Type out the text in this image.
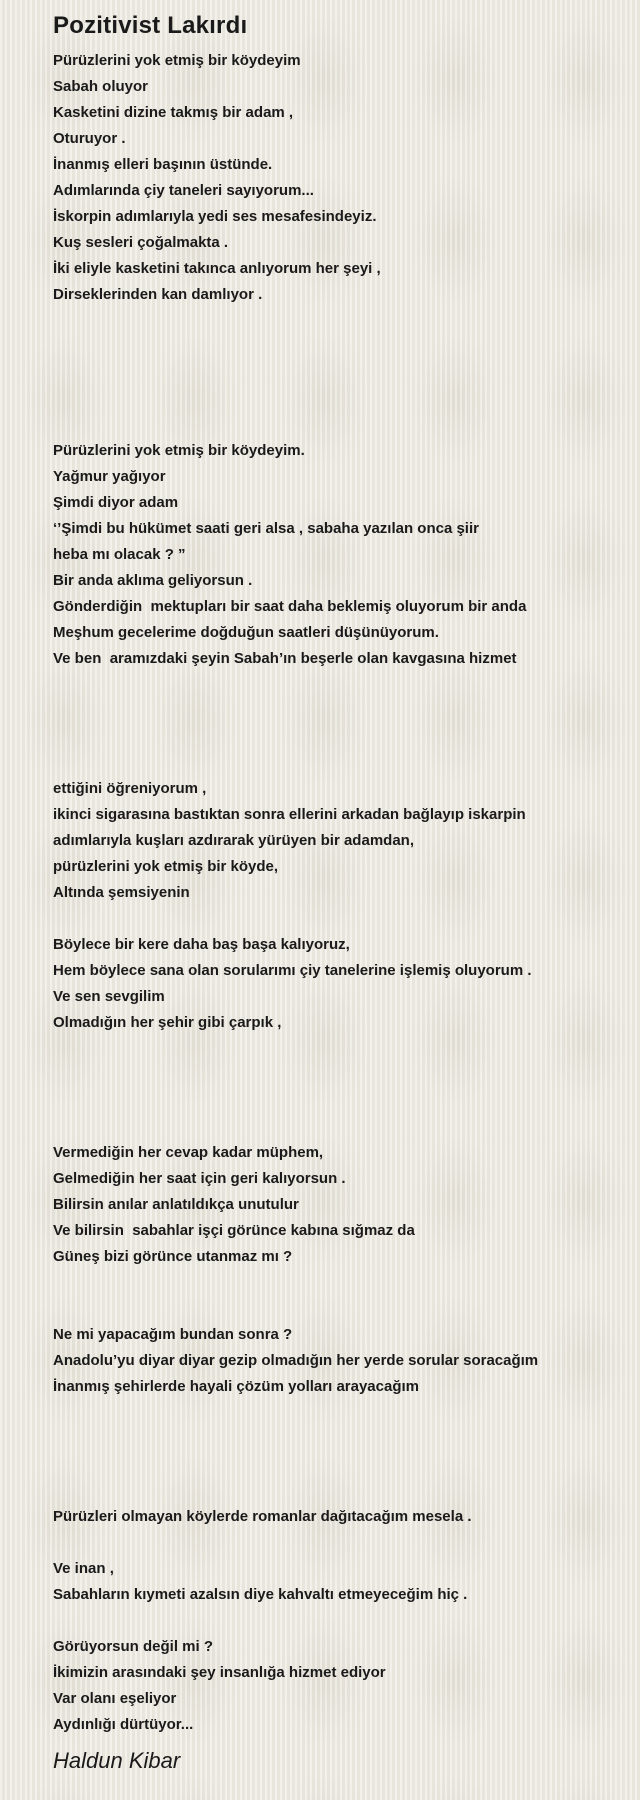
Pozitivist Lakırdı
Pürüzlerini yok etmiş bir köydeyim
Sabah oluyor
Kasketini dizine takmış bir adam ,
Oturuyor .
İnanmış elleri başının üstünde.
Adımlarında çiy taneleri sayıyorum...
İskorpin adımlarıyla yedi ses mesafesindeyiz.
Kuş sesleri çoğalmakta .
İki eliyle kasketini takınca anlıyorum her şeyi ,
Dirseklerinden kan damlıyor .
Pürüzlerini yok etmiş bir köydeyim.
Yağmur yağıyor
Şimdi diyor adam
‘’Şimdi bu hükümet saati geri alsa , sabaha yazılan onca şiir
heba mı olacak ? ”
Bir anda aklıma geliyorsun .
Gönderdiğin  mektupları bir saat daha beklemiş oluyorum bir anda
Meşhum gecelerime doğduğun saatleri düşünüyorum.
Ve ben  aramızdaki şeyin Sabah’ın beşerle olan kavgasına hizmet
ettiğini öğreniyorum ,
ikinci sigarasına bastıktan sonra ellerini arkadan bağlayıp iskarpin
adımlarıyla kuşları azdırarak yürüyen bir adamdan,
pürüzlerini yok etmiş bir köyde,
Altında şemsiyenin
Böylece bir kere daha baş başa kalıyoruz,
Hem böylece sana olan sorularımı çiy tanelerine işlemiş oluyorum .
Ve sen sevgilim
Olmadığın her şehir gibi çarpık ,
Vermediğin her cevap kadar müphem,
Gelmediğin her saat için geri kalıyorsun .
Bilirsin anılar anlatıldıkça unutulur
Ve bilirsin  sabahlar işçi görünce kabına sığmaz da
Güneş bizi görünce utanmaz mı ?
Ne mi yapacağım bundan sonra ?
Anadolu’yu diyar diyar gezip olmadığın her yerde sorular soracağım
İnanmış şehirlerde hayali çözüm yolları arayacağım
Pürüzleri olmayan köylerde romanlar dağıtacağım mesela .
Ve inan ,
Sabahların kıymeti azalsın diye kahvaltı etmeyeceğim hiç .
Görüyorsun değil mi ?
İkimizin arasındaki şey insanlığa hizmet ediyor
Var olanı eşeliyor
Aydınlığı dürtüyor...
Haldun Kibar
